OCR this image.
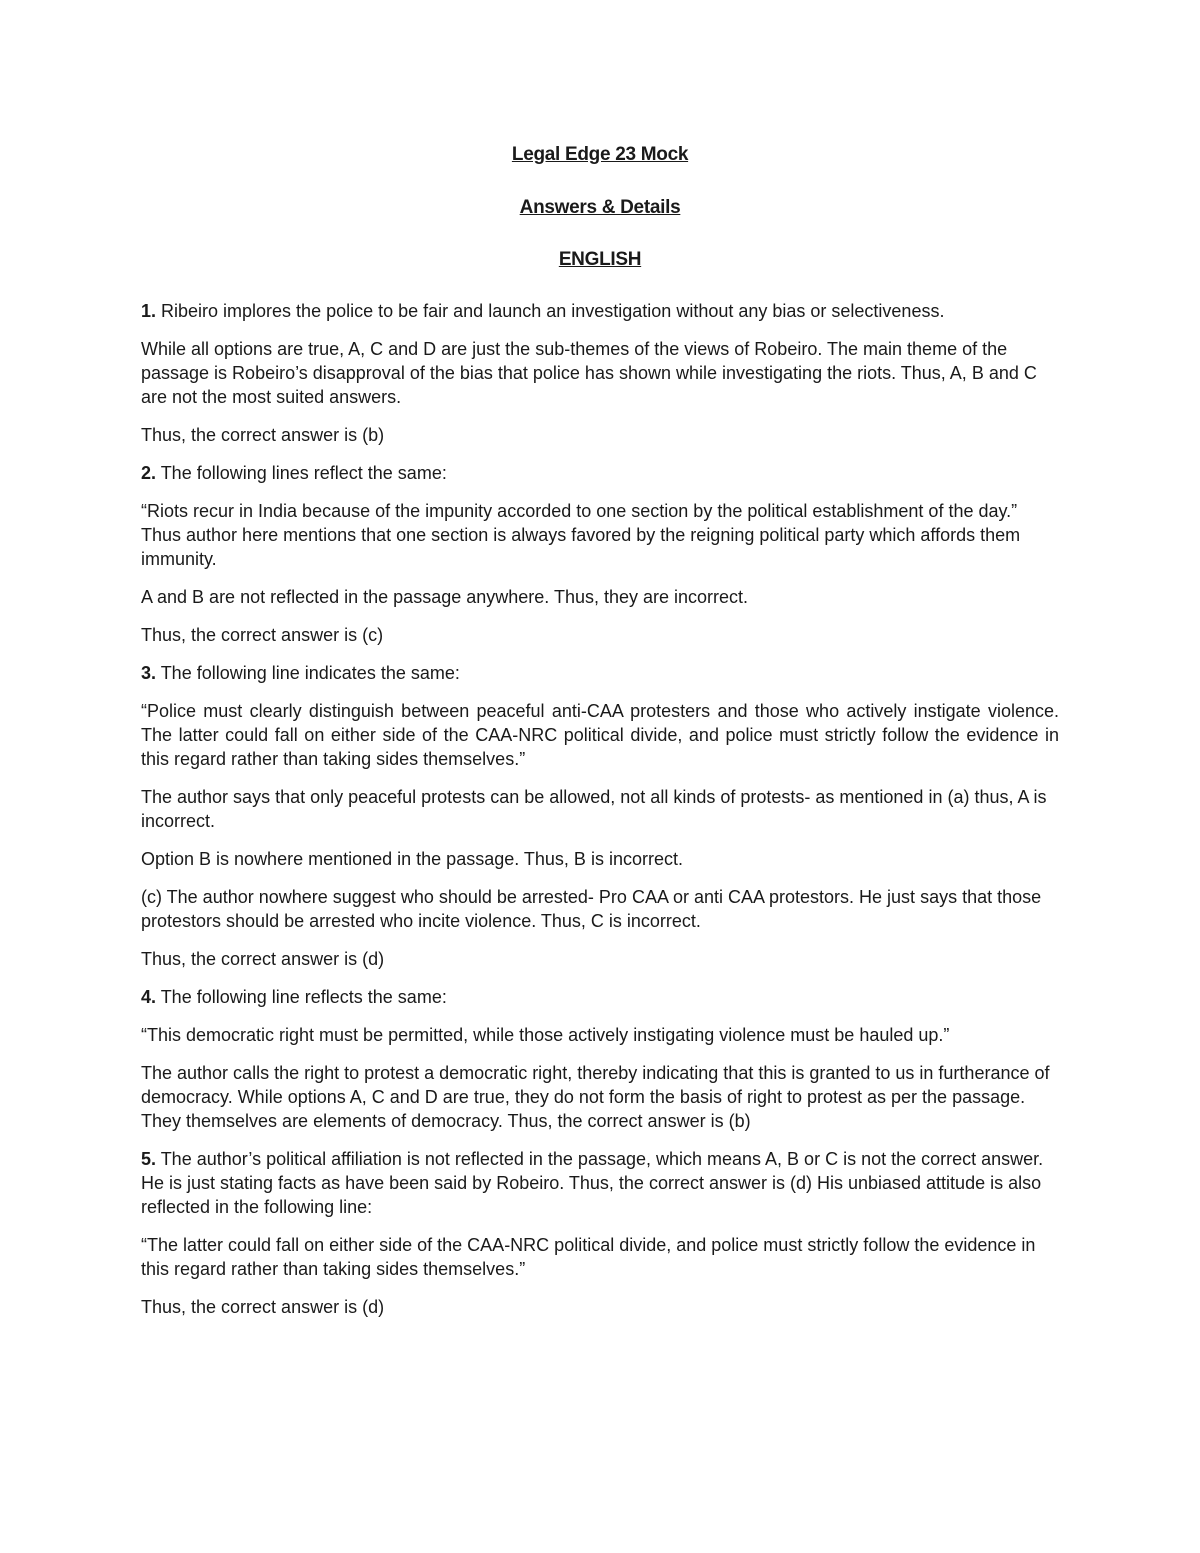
Legal Edge 23 Mock
Answers & Details
ENGLISH

1. Ribeiro implores the police to be fair and launch an investigation without any bias or selectiveness.

While all options are true, A, C and D are just the sub-themes of the views of Robeiro. The main theme of the passage is Robeiro’s disapproval of the bias that police has shown while investigating the riots. Thus, A, B and C are not the most suited answers.

Thus, the correct answer is (b)

2. The following lines reflect the same:

“Riots recur in India because of the impunity accorded to one section by the political establishment of the day.” Thus author here mentions that one section is always favored by the reigning political party which affords them immunity.

A and B are not reflected in the passage anywhere. Thus, they are incorrect.

Thus, the correct answer is (c)

3. The following line indicates the same:

“Police must clearly distinguish between peaceful anti-CAA protesters and those who actively instigate violence. The latter could fall on either side of the CAA-NRC political divide, and police must strictly follow the evidence in this regard rather than taking sides themselves.”

The author says that only peaceful protests can be allowed, not all kinds of protests- as mentioned in (a) thus, A is incorrect.

Option B is nowhere mentioned in the passage. Thus, B is incorrect.

(c) The author nowhere suggest who should be arrested- Pro CAA or anti CAA protestors. He just says that those protestors should be arrested who incite violence. Thus, C is incorrect.

Thus, the correct answer is (d)

4. The following line reflects the same:

“This democratic right must be permitted, while those actively instigating violence must be hauled up.”

The author calls the right to protest a democratic right, thereby indicating that this is granted to us in furtherance of democracy. While options A, C and D are true, they do not form the basis of right to protest as per the passage. They themselves are elements of democracy. Thus, the correct answer is (b)

5. The author’s political affiliation is not reflected in the passage, which means A, B or C is not the correct answer. He is just stating facts as have been said by Robeiro. Thus, the correct answer is (d) His unbiased attitude is also reflected in the following line:

“The latter could fall on either side of the CAA-NRC political divide, and police must strictly follow the evidence in this regard rather than taking sides themselves.”

Thus, the correct answer is (d)
